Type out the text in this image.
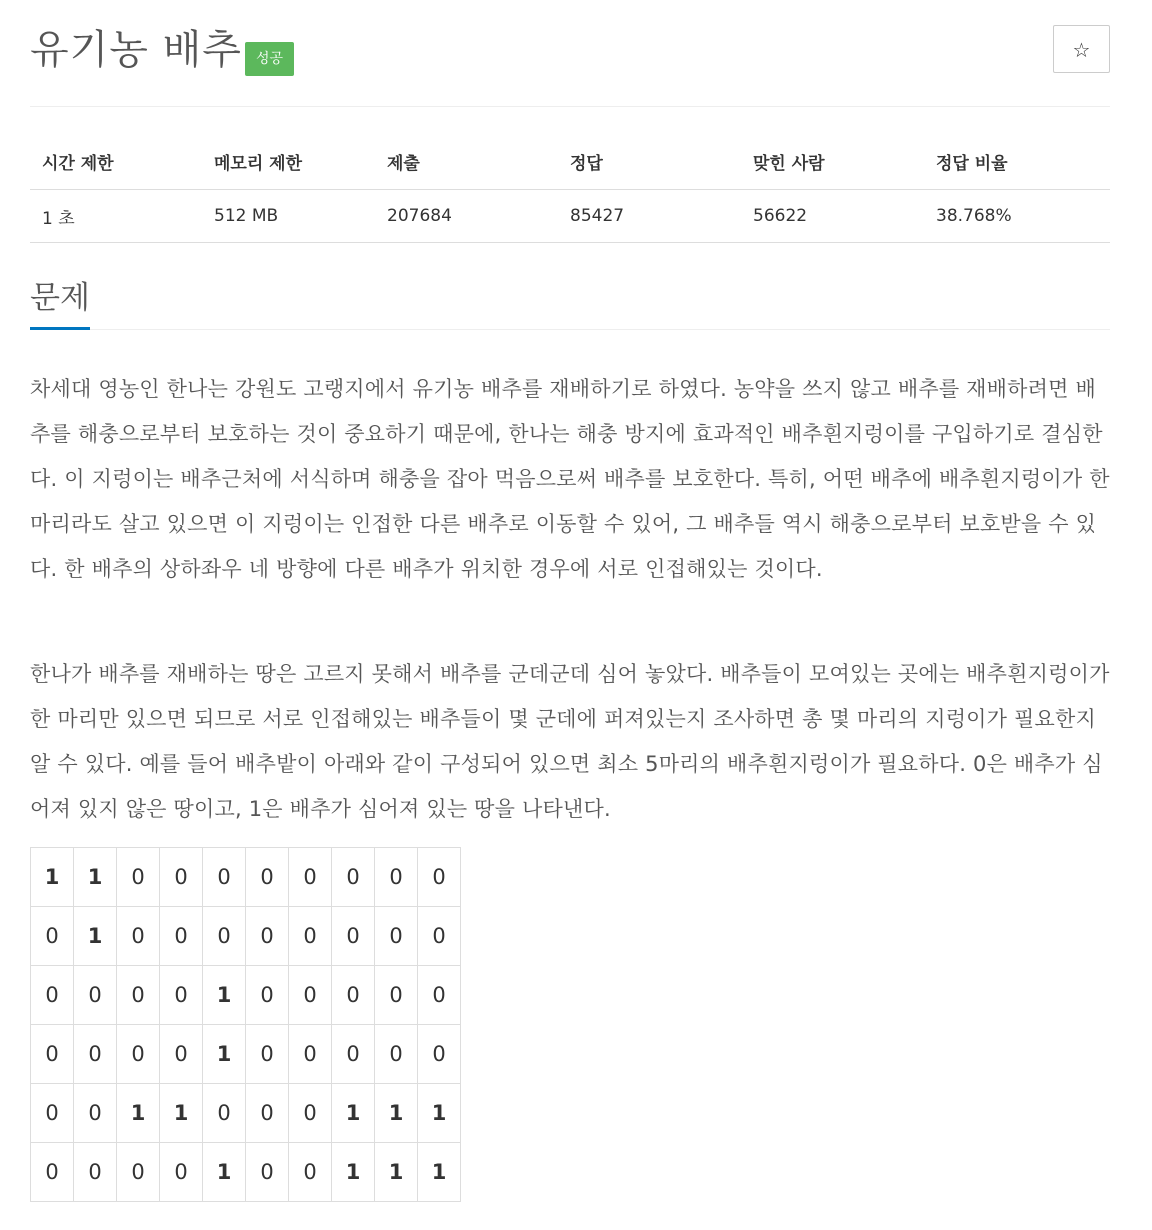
유기농 배추	성공	☆
시간 제한	메모리 제한	제출	정답	맞힌 사람	정답 비율
1 초	512 MB	207684	85427	56622	38.768%
문제

차세대 영농인 한나는 강원도 고랭지에서 유기농 배추를 재배하기로 하였다. 농약을 쓰지 않고 배추를 재배하려면 배추를 해충으로부터 보호하는 것이 중요하기 때문에, 한나는 해충 방지에 효과적인 배추흰지렁이를 구입하기로 결심한다. 이 지렁이는 배추근처에 서식하며 해충을 잡아 먹음으로써 배추를 보호한다. 특히, 어떤 배추에 배추흰지렁이가 한 마리라도 살고 있으면 이 지렁이는 인접한 다른 배추로 이동할 수 있어, 그 배추들 역시 해충으로부터 보호받을 수 있다. 한 배추의 상하좌우 네 방향에 다른 배추가 위치한 경우에 서로 인접해있는 것이다.

한나가 배추를 재배하는 땅은 고르지 못해서 배추를 군데군데 심어 놓았다. 배추들이 모여있는 곳에는 배추흰지렁이가 한 마리만 있으면 되므로 서로 인접해있는 배추들이 몇 군데에 퍼져있는지 조사하면 총 몇 마리의 지렁이가 필요한지 알 수 있다. 예를 들어 배추밭이 아래와 같이 구성되어 있으면 최소 5마리의 배추흰지렁이가 필요하다. 0은 배추가 심어져 있지 않은 땅이고, 1은 배추가 심어져 있는 땅을 나타낸다.

1	1	0	0	0	0	0	0	0	0
0	1	0	0	0	0	0	0	0	0
0	0	0	0	1	0	0	0	0	0
0	0	0	0	1	0	0	0	0	0
0	0	1	1	0	0	0	1	1	1
0	0	0	0	1	0	0	1	1	1
